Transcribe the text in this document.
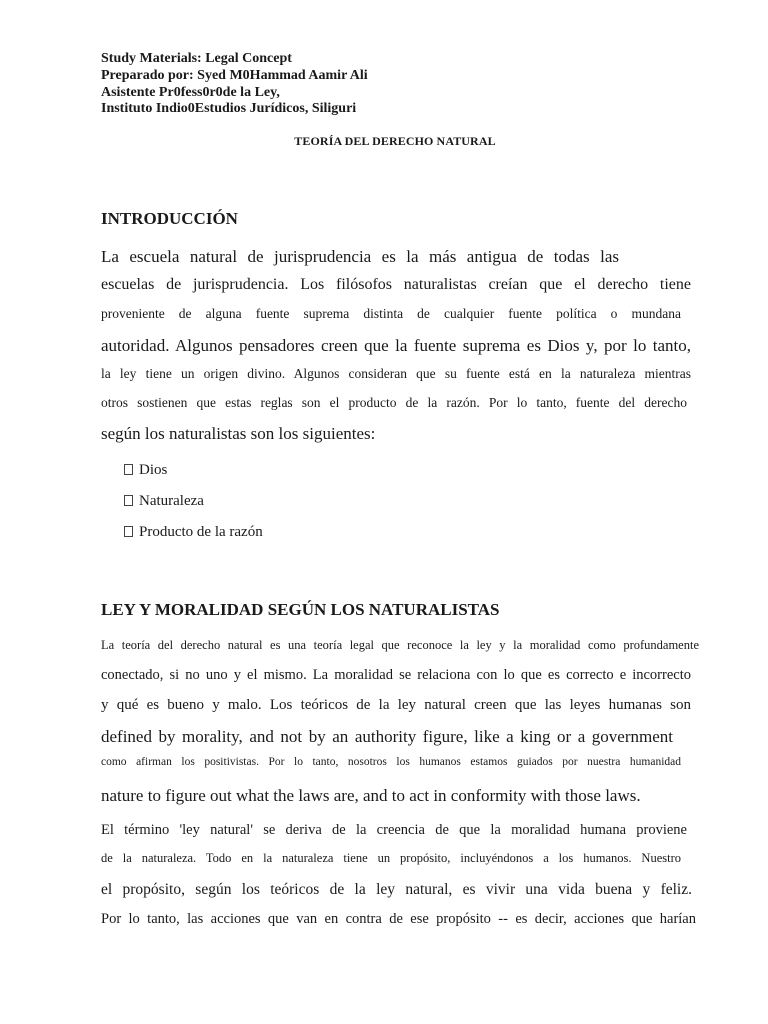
Study Materials: Legal Concept
Preparado por: Syed M0Hammad Aamir Ali
Asistente Pr0fess0r0de la Ley,
Instituto Indio0Estudios Jurídicos, Siliguri
TEORÍA DEL DERECHO NATURAL
INTRODUCCIÓN
La escuela natural de jurisprudencia es la más antigua de todas las
escuelas de jurisprudencia. Los filósofos naturalistas creían que el derecho tiene
proveniente de alguna fuente suprema distinta de cualquier fuente política o mundana
autoridad. Algunos pensadores creen que la fuente suprema es Dios y, por lo tanto,
la ley tiene un origen divino. Algunos consideran que su fuente está en la naturaleza mientras
otros sostienen que estas reglas son el producto de la razón. Por lo tanto, fuente del derecho
según los naturalistas son los siguientes:
Dios
Naturaleza
Producto de la razón
LEY Y MORALIDAD SEGÚN LOS NATURALISTAS
La teoría del derecho natural es una teoría legal que reconoce la ley y la moralidad como profundamente
conectado, si no uno y el mismo. La moralidad se relaciona con lo que es correcto e incorrecto
y qué es bueno y malo. Los teóricos de la ley natural creen que las leyes humanas son
defined by morality, and not by an authority figure, like a king or a government
como afirman los positivistas. Por lo tanto, nosotros los humanos estamos guiados por nuestra humanidad
nature to figure out what the laws are, and to act in conformity with those laws.
El término 'ley natural' se deriva de la creencia de que la moralidad humana proviene
de la naturaleza. Todo en la naturaleza tiene un propósito, incluyéndonos a los humanos. Nuestro
el propósito, según los teóricos de la ley natural, es vivir una vida buena y feliz.
Por lo tanto, las acciones que van en contra de ese propósito -- es decir, acciones que harían
